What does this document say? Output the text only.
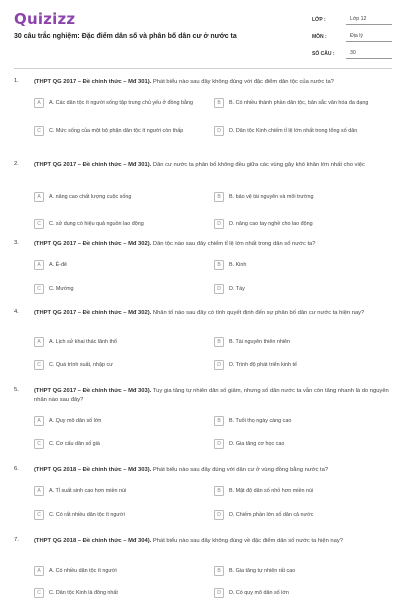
Quizizz
30 câu trắc nghiệm: Đặc điểm dân số và phân bố dân cư ở nước ta
LỚP :	Lớp 12
MÔN :	Địa lý
SỐ CÂU :	30
1.	(THPT QG 2017 – Đề chính thức – Mđ 301). Phát biểu nào sau đây không đúng với đặc điểm dân tộc của nước ta?
A	A. Các dân tộc ít người sống tập trung chủ yếu ở đồng bằng	B	B. Có nhiều thành phần dân tộc, bản sắc văn hóa đa dạng
C	C. Mức sống của một bộ phận dân tộc ít người còn thấp	D	D. Dân tộc Kinh chiếm tỉ lệ lớn nhất trong tổng số dân
2.	(THPT QG 2017 – Đề chính thức – Mđ 301). Dân cư nước ta phân bố không đều giữa các vùng gây khó khăn lớn nhất cho việc
A	A. nâng cao chất lượng cuộc sống	B	B. bảo vệ tài nguyên và môi trường
C	C. sử dụng có hiệu quả nguồn lao động	D	D. nâng cao tay nghề cho lao động
3.	(THPT QG 2017 – Đề chính thức – Mđ 302). Dân tộc nào sau đây chiếm tỉ lệ lớn nhất trong dân số nước ta?
A	A. Ê-đê	B	B. Kinh
C	C. Mường	D	D. Tày
4.	(THPT QG 2017 – Đề chính thức – Mđ 302). Nhân tố nào sau đây có tính quyết định đến sự phân bố dân cư nước ta hiện nay?
A	A. Lịch sử khai thác lãnh thổ	B	B. Tài nguyên thiên nhiên
C	C. Quá trình xuất, nhập cư	D	D. Trình độ phát triển kinh tế
5.	(THPT QG 2017 – Đề chính thức – Mđ 303). Tuy gia tăng tự nhiên dân số giảm, nhưng số dân nước ta vẫn còn tăng nhanh là do nguyên nhân nào sau đây?
A	A. Quy mô dân số lớn	B	B. Tuổi thọ ngày càng cao
C	C. Cơ cấu dân số già	D	D. Gia tăng cơ học cao
6.	(THPT QG 2018 – Đề chính thức – Mđ 303). Phát biểu nào sau đây đúng với dân cư ở vùng đồng bằng nước ta?
A	A. Tỉ suất sinh cao hơn miền núi	B	B. Mật độ dân số nhỏ hơn miền núi
C	C. Có rất nhiều dân tộc ít người	D	D. Chiếm phần lớn số dân cả nước
7.	(THPT QG 2018 – Đề chính thức – Mđ 304). Phát biểu nào sau đây không đúng về đặc điểm dân số nước ta hiện nay?
A	A. Có nhiều dân tộc ít người	B	B. Gia tăng tự nhiên rất cao
C	C. Dân tộc Kinh là đông nhất	D	D. Có quy mô dân số lớn
